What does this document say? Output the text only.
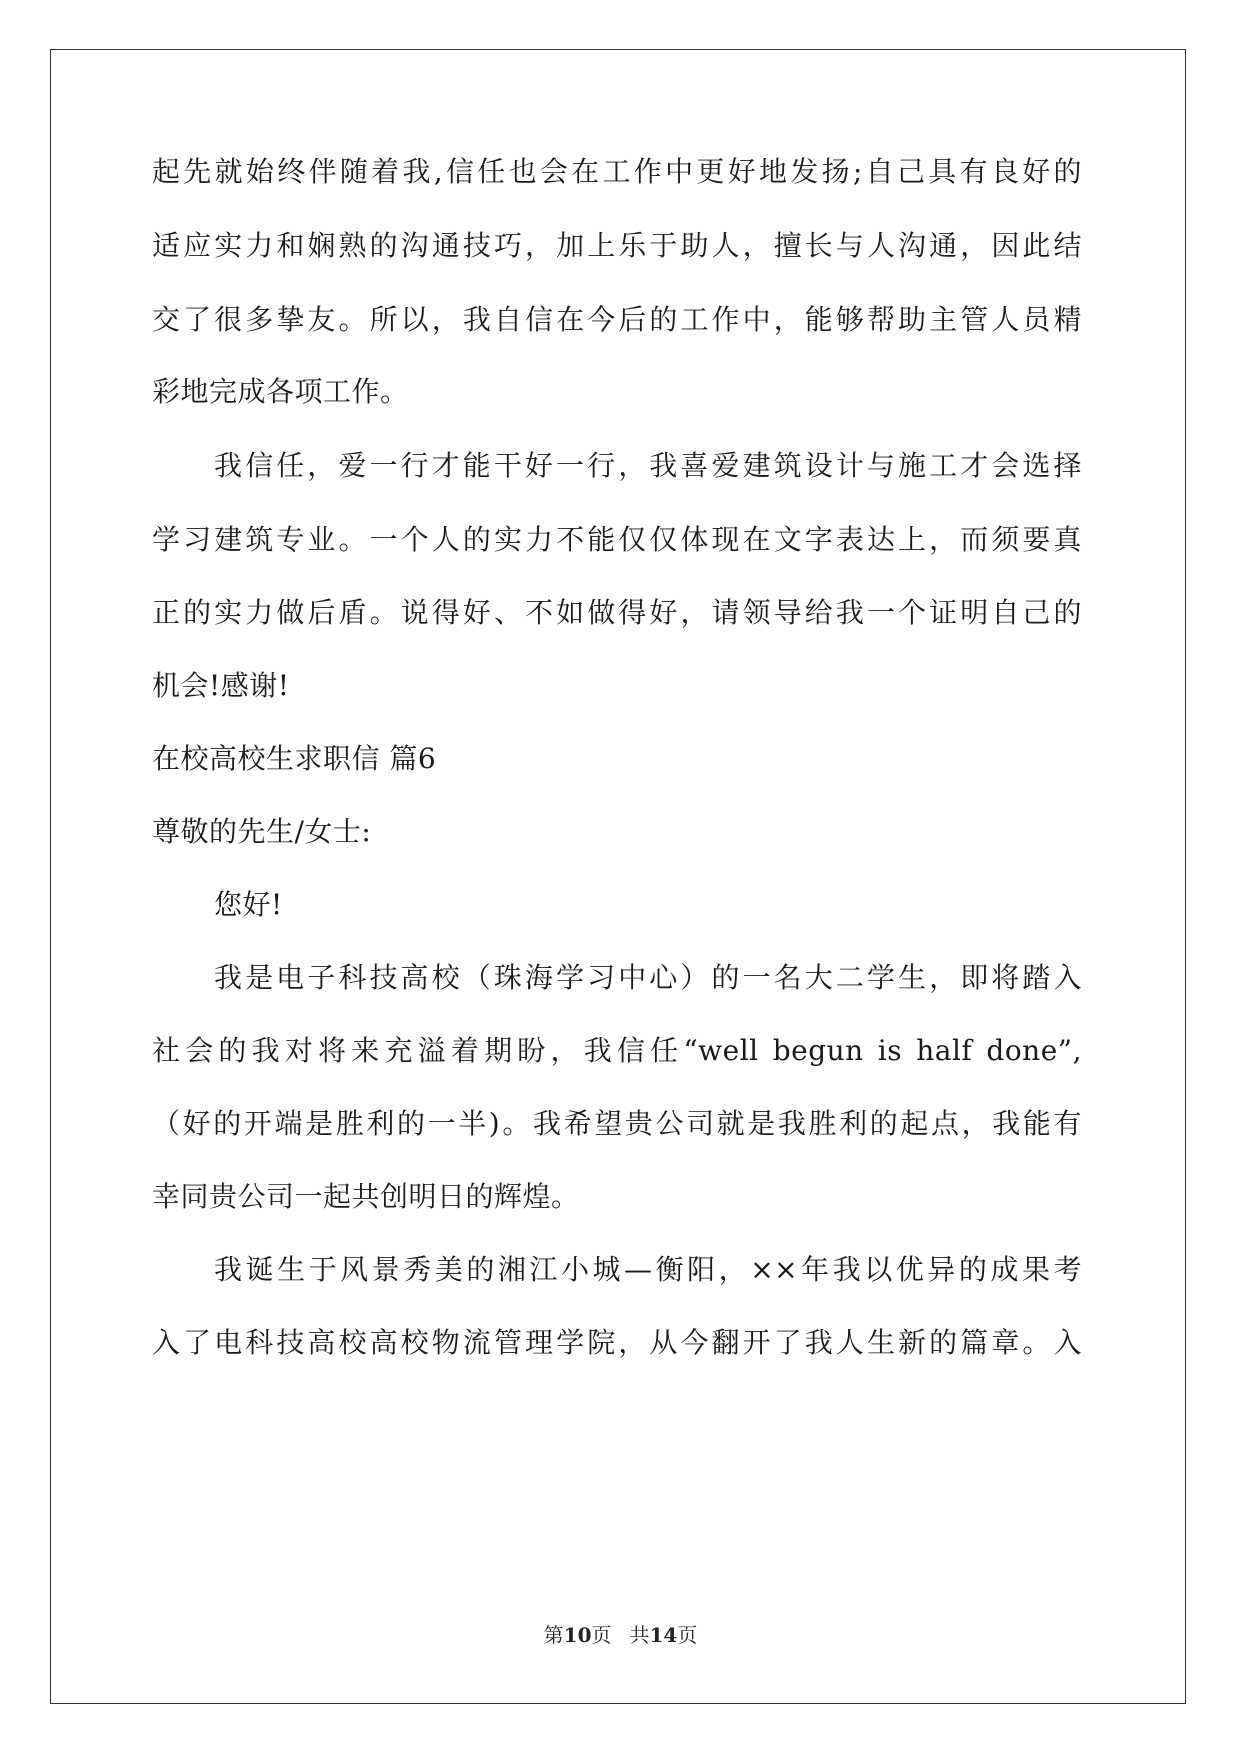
起先就始终伴随着我,信任也会在工作中更好地发扬;自己具有良好的
适应实力和娴熟的沟通技巧，加上乐于助人，擅长与人沟通，因此结
交了很多挚友。所以，我自信在今后的工作中，能够帮助主管人员精
彩地完成各项工作。
我信任，爱一行才能干好一行，我喜爱建筑设计与施工才会选择
学习建筑专业。一个人的实力不能仅仅体现在文字表达上，而须要真
正的实力做后盾。说得好、不如做得好，请领导给我一个证明自己的
机会!感谢!
在校高校生求职信 篇6
尊敬的先生/女士:
您好!
我是电子科技高校（珠海学习中心）的一名大二学生，即将踏入
社会的我对将来充溢着期盼，我信任“well begun is half done”,
（好的开端是胜利的一半)。我希望贵公司就是我胜利的起点，我能有
幸同贵公司一起共创明日的辉煌。
我诞生于风景秀美的湘江小城—衡阳，××年我以优异的成果考
入了电科技高校高校物流管理学院，从今翻开了我人生新的篇章。入
第10页 共14页
